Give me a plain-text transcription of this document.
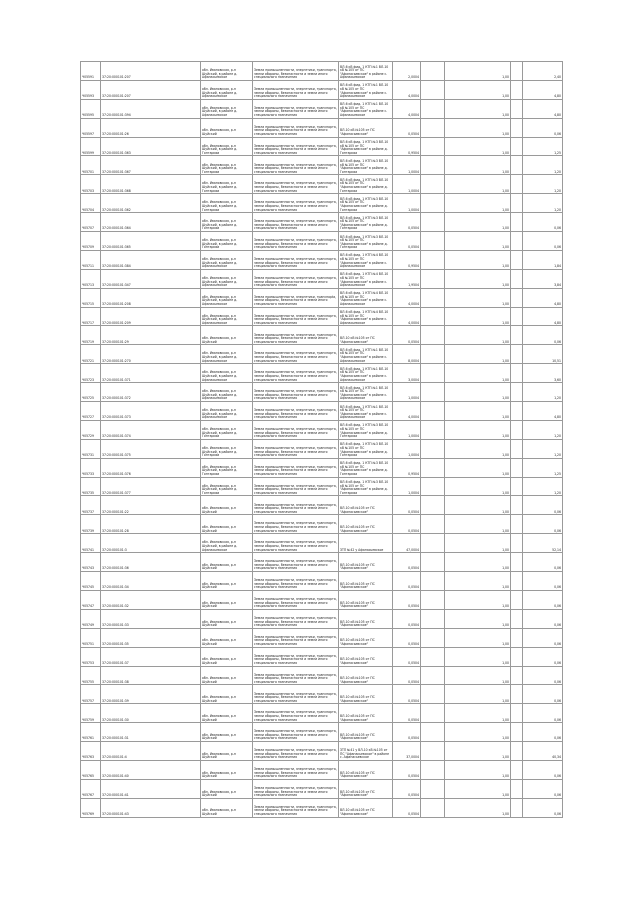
Ч05591	37:20:000101:207	обл. Ивановская, р-н Шуйский, в районе д. Афанасьевское	Земли промышленности, энергетики, транспорта, земли обороны, безопасности и земли иного специального назначения	ВЛ-6 кВ фид. 1 КТП №1 ВЛ-10 кВ №105 от ПС "Афанасьевское" в районе с. Афанасьевское	2,0004		1,00		2,40
Ч05593	37:20:000101:207	обл. Ивановская, р-н Шуйский, в районе д. Афанасьевское	Земли промышленности, энергетики, транспорта, земли обороны, безопасности и земли иного специального назначения	ВЛ-6 кВ фид. 1 КТП №1 ВЛ-10 кВ №105 от ПС "Афанасьевское" в районе с. Афанасьевское	4,0004		1,00		4,80
Ч05595	37:20:000101:394	обл. Ивановская, р-н Шуйский, в районе д. Афанасьевское	Земли промышленности, энергетики, транспорта, земли обороны, безопасности и земли иного специального назначения	ВЛ-6 кВ фид. 1 КТП №1 ВЛ-10 кВ №105 от ПС "Афанасьевское" в районе с. Афанасьевское	4,0004		1,00		4,80
Ч05597	37:20:000101:26	обл. Ивановская, р-н Шуйский	Земли промышленности, энергетики, транспорта, земли обороны, безопасности и земли иного специального назначения	ВЛ-10 кВ №105 от ПС "Афанасьевское"	0,0504		1,00		0,06
Ч05599	37:20:000101:363	обл. Ивановская, р-н Шуйский, в районе д. Гонтарихи	Земли промышленности, энергетики, транспорта, земли обороны, безопасности и земли иного специального назначения	ВЛ-6 кВ фид. 1 КТП №3 ВЛ-10 кВ №105 от ПС "Афанасьевское" в районе д. Гонтариха	0,9504		1,00		1,25
Ч05701	37:20:000101:367	обл. Ивановская, р-н Шуйский, в районе д. Гонтарихи	Земли промышленности, энергетики, транспорта, земли обороны, безопасности и земли иного специального назначения	ВЛ-6 кВ фид. 1 КТП №3 ВЛ-10 кВ №105 от ПС "Афанасьевское" в районе д. Гонтариха	1,0004		1,00		1,20
Ч05703	37:20:000101:368	обл. Ивановская, р-н Шуйский, в районе д. Гонтарихи	Земли промышленности, энергетики, транспорта, земли обороны, безопасности и земли иного специального назначения	ВЛ-6 кВ фид. 1 КТП №3 ВЛ-10 кВ №105 от ПС "Афанасьевское" в районе д. Гонтариха	1,0004		1,00		1,20
Ч05704	37:20:000101:362	обл. Ивановская, р-н Шуйский, в районе д. Гонтарихи	Земли промышленности, энергетики, транспорта, земли обороны, безопасности и земли иного специального назначения	ВЛ-6 кВ фид. 1 КТП №3 ВЛ-10 кВ №105 от ПС "Афанасьевское" в районе д. Гонтариха	1,0004		1,00		1,20
Ч05707	37:20:000101:364	обл. Ивановская, р-н Шуйский, в районе д. Гонтарихи	Земли промышленности, энергетики, транспорта, земли обороны, безопасности и земли иного специального назначения	ВЛ-6 кВ фид. 1 КТП №3 ВЛ-10 кВ №105 от ПС "Афанасьевское" в районе д. Гонтариха	0,0504		1,00		0,06
Ч05709	37:20:000101:365	обл. Ивановская, р-н Шуйский, в районе д. Гонтарихи	Земли промышленности, энергетики, транспорта, земли обороны, безопасности и земли иного специального назначения	ВЛ-6 кВ фид. 1 КТП №3 ВЛ-10 кВ №105 от ПС "Афанасьевское" в районе д. Гонтариха	0,0504		1,00		0,06
Ч05711	37:20:000101:384	обл. Ивановская, р-н Шуйский, в районе д. Афанасьевское	Земли промышленности, энергетики, транспорта, земли обороны, безопасности и земли иного специального назначения	ВЛ-6 кВ фид. 1 КТП №4 ВЛ-10 кВ №105 от ПС "Афанасьевское" в районе с. Афанасьевское	0,9504		1,00		1,84
Ч05713	37:20:000101:347	обл. Ивановская, р-н Шуйский, в районе д. Афанасьевское	Земли промышленности, энергетики, транспорта, земли обороны, безопасности и земли иного специального назначения	ВЛ-6 кВ фид. 1 КТП №4 ВЛ-10 кВ №105 от ПС "Афанасьевское" в районе с. Афанасьевское	1,9504		1,00		3,84
Ч05715	37:20:000101:208	обл. Ивановская, р-н Шуйский, в районе д. Афанасьевское	Земли промышленности, энергетики, транспорta, земли обороны, безопасности и земли иного специального назначения	ВЛ-6 кВ фид. 1 КТП №4 ВЛ-10 кВ №105 от ПС "Афанасьевское" в районе с. Афанасьевское	4,0004		1,00		4,80
Ч05717	37:20:000101:209	обл. Ивановская, р-н Шуйский, в районе д. Афанасьевское	Земли промышленности, энергетики, транспорта, земли обороны, безопасности и земли иного специального назначения	ВЛ-6 кВ фид. 1 КТП №4 ВЛ-10 кВ №105 от ПС "Афанасьевское" в районе с. Афанасьевское	4,0004		1,00		4,80
Ч05719	37:20:000101:29	обл. Ивановская, р-н Шуйский	Земли промышленности, энергетики, транспорта, земли обороны, безопасности и земли иного специального назначения	ВЛ-10 кВ №105 от ПС "Афанасьевское"	0,0504		1,00		0,06
Ч05721	37:20:000101:270	обл. Ивановская, р-н Шуйский, в районе д. Афанасьевское	Земли промышленности, энергетики, транспорта, земли обороны, безопасности и земли иного специального назначения	ВЛ-6 кВ фид. 1 КТП №1 ВЛ-10 кВ №105 от ПС "Афанасьевское" в районе с. Афанасьевское	8,0004		1,00		10,51
Ч05723	37:20:000101:371	обл. Ивановская, р-н Шуйский, в районе д. Афанасьевское	Земли промышленности, энергетики, транспорта, земли обороны, безопасности и земли иного специального назначения	ВЛ-6 кВ фид. 1 КТП №1 ВЛ-10 кВ №105 от ПС "Афанасьевское" в районе с. Афанасьевское	3,0004		1,00		3,60
Ч05725	37:20:000101:372	обл. Ивановская, р-н Шуйский, в районе д. Афанасьевское	Земли промышленности, энергетики, транспорта, земли обороны, безопасности и земли иного специального назначения	ВЛ-6 кВ фид. 1 КТП №1 ВЛ-10 кВ №105 от ПС "Афанасьевское" в районе с. Афанасьевское	1,0004		1,00		1,20
Ч05727	37:20:000101:373	обл. Ивановская, р-н Шуйский, в районе д. Афанасьевское	Земли промышленности, энергетики, транспорта, земли обороны, безопасности и земли иного специального назначения	ВЛ-6 кВ фид. 1 КТП №1 ВЛ-10 кВ №105 от ПС "Афанасьевское" в районе с. Афанасьевское	4,0004		1,00		4,80
Ч05729	37:20:000101:374	обл. Ивановская, р-н Шуйский, в районе д. Гонтарихи	Земли промышленности, энергетики, транспорта, земли обороны, безопасности и земли иного специального назначения	ВЛ-6 кВ фид. 1 КТП №3 ВЛ-10 кВ №105 от ПС "Афанасьевское" в районе д. Гонтариха	1,0004		1,00		1,20
Ч05731	37:20:000101:375	обл. Ивановская, р-н Шуйский, в районе д. Гонтарихи	Земли промышленности, энергетики, транспорта, земли обороны, безопасности и земли иного специального назначения	ВЛ-6 кВ фид. 1 КТП №3 ВЛ-10 кВ №105 от ПС "Афанасьевское" в районе д. Гонтариха	1,0004		1,00		1,20
Ч05733	37:20:000101:376	обл. Ивановская, р-н Шуйский, в районе д. Гонтарихи	Земли промышленности, энергетики, транспорта, земли обороны, безопасности и земли иного специального назначения	ВЛ-6 кВ фид. 1 КТП №3 ВЛ-10 кВ №105 от ПС "Афанасьевское" в районе д. Гонтариха	0,9504		1,00		1,25
Ч05735	37:20:000101:377	обл. Ивановская, р-н Шуйский, в районе д. Гонтарихи	Земли промышленности, энергетики, транспорта, земли обороны, безопасности и земли иного специального назначения	ВЛ-6 кВ фид. 1 КТП №3 ВЛ-10 кВ №105 от ПС "Афанасьевское" в районе д. Гонтариха	1,0004		1,00		1,20
Ч05737	37:20:000101:22	обл. Ивановская, р-н Шуйский	Земли промышленности, энергетики, транспорта, земли обороны, безопасности и земли иного специального назначения	ВЛ-10 кВ №105 от ПС "Афанасьевское"	0,0504		1,00		0,06
Ч05739	37:20:000101:28	обл. Ивановская, р-н Шуйский	Земли промышленности, энергетики, транспорта, земли обороны, безопасности и земли иного специального назначения	ВЛ-10 кВ №105 от ПС "Афанасьевское"	0,0504		1,00		0,06
Ч05741	37:20:000101:3	обл. Ивановская, р-н Шуйский, в районе д. Афанасьевское	Земли промышленности, энергетики, транспорта, земли обороны, безопасности и земли иного специального назначения	ЗТП №42 у Афанасьевское	47,0004		1,00		52,14
Ч05743	37:20:000101:36	обл. Ивановская, р-н Шуйский	Земли промышленности, энергетики, транспорта, земли обороны, безопасности и земли иного специального назначения	ВЛ-10 кВ №105 от ПС "Афанасьевское"	0,0504		1,00		0,06
Ч05745	37:20:000101:34	обл. Ивановская, р-н Шуйский	Земли промышленности, энергетики, транспорта, земли обороны, безопасности и земли иного специального назначения	ВЛ-10 кВ №105 от ПС "Афанасьевское"	0,0504		1,00		0,06
Ч05747	37:20:000101:32	обл. Ивановская, р-н Шуйский	Земли промышленности, энергетики, транспорта, земли обороны, безопасности и земли иного специального назначения	ВЛ-10 кВ №105 от ПС "Афанасьевское"	0,0504		1,00		0,06
Ч05749	37:20:000101:33	обл. Ивановская, р-н Шуйский	Земли промышленности, энергетики, транспорта, земли обороны, безопасности и земли иного специального назначения	ВЛ-10 кВ №105 от ПС "Афанасьевское"	0,0504		1,00		0,06
Ч05751	37:20:000101:35	обл. Ивановская, р-н Шуйский	Земли промышленности, энергетики, транспорта, земли обороны, безопасности и земли иного специального назначения	ВЛ-10 кВ №105 от ПС "Афанасьевское"	0,0504		1,00		0,06
Ч05753	37:20:000101:37	обл. Ивановская, р-н Шуйский	Земли промышленности, энергетики, транспорта, земли обороны, безопасности и земли иного специального назначения	ВЛ-10 кВ №105 от ПС "Афанасьевское"	0,0504		1,00		0,06
Ч05755	37:20:000101:38	обл. Ивановская, р-н Шуйский	Земли промышленности, энергетики, транспорта, земли обороны, безопасности и земли иного специального назначения	ВЛ-10 кВ №105 от ПС "Афанасьевское"	0,0504		1,00		0,06
Ч05757	37:20:000101:39	обл. Ивановская, р-н Шуйский	Земли промышленности, энергетики, транспорта, земли обороны, безопасности и земли иного специального назначения	ВЛ-10 кВ №105 от ПС "Афанасьевское"	0,0504		1,00		0,06
Ч05759	37:20:000101:30	обл. Ивановская, р-н Шуйский	Земли промышленности, энергетики, транспорта, земли обороны, безопасности и земли иного специального назначения	ВЛ-10 кВ №105 от ПС "Афанасьевское"	0,0504		1,00		0,06
Ч05761	37:20:000101:31	обл. Ивановская, р-н Шуйский	Земли промышленности, энергетики, транспорта, земли обороны, безопасности и земли иного специального назначения	ВЛ-10 кВ №105 от ПС "Афанасьевское"	0,0504		1,00		0,06
Ч05763	37:20:000101:4	обл. Ивановская, р-н Шуйский	Земли промышленности, энергетики, транспорта, земли обороны, безопасности и земли иного специального назначения	ЗТП №41 у ВЛ-10 кВ №105 от ПС "Афанасьевское" в районе с. Афанасьевское	37,0004		1,00		40,34
Ч05765	37:20:000101:40	обл. Ивановская, р-н Шуйский	Земли промышленности, энергетики, транспорта, земли обороны, безопасности и земли иного специального назначения	ВЛ-10 кВ №105 от ПС "Афанасьевское"	0,0504		1,00		0,06
Ч05767	37:20:000101:41	обл. Ивановская, р-н Шуйский	Земли промышленности, энергетики, транспорта, земли обороны, безопасности и земли иного специального назначения	ВЛ-10 кВ №105 от ПС "Афанасьевское"	0,0504		1,00		0,06
Ч05769	37:20:000101:43	обл. Ивановская, р-н Шуйский	Земли промышленности, энергетики, транспорта, земли обороны, безопасности и земли иного специального назначения	ВЛ-10 кВ №105 от ПС "Афанасьевское"	0,0504		1,00		0,06
